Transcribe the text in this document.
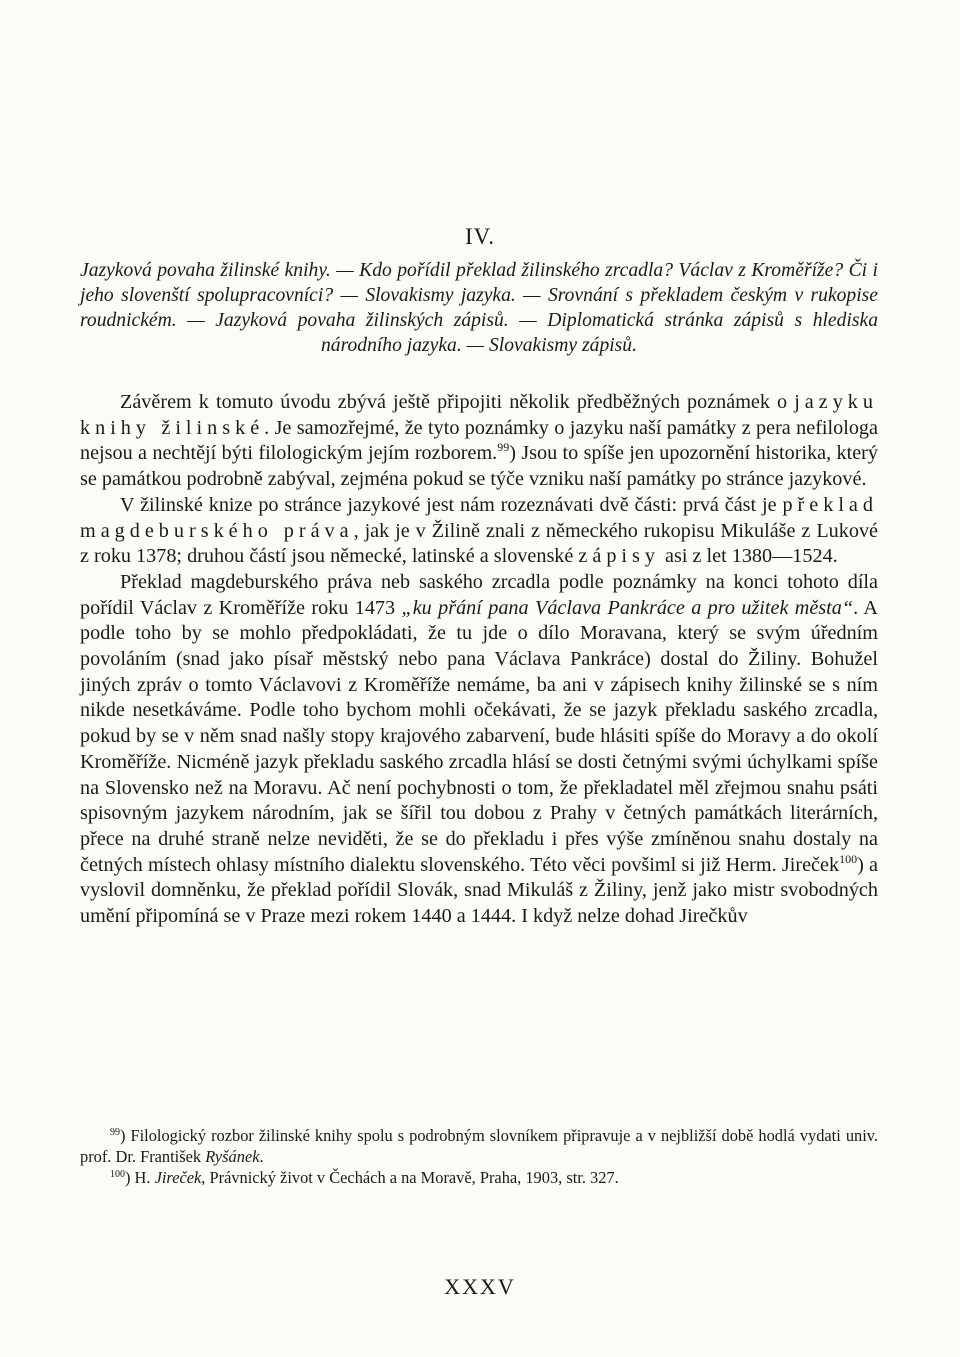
IV.
Jazyková povaha žilinské knihy. — Kdo pořídil překlad žilinského zrcadla? Václav z Kroměříže? Či i jeho slovenští spolupracovníci? — Slovakismy jazyka. — Srovnání s překladem českým v rukopise roudnickém. — Jazyková povaha žilinských zápisů. — Diplomatická stránka zápisů s hlediska národního jazyka. — Slovakismy zápisů.

Závěrem k tomuto úvodu zbývá ještě připojiti několik předběžných poznámek o jazyku knihy žilinské. Je samozřejmé, že tyto poznámky o jazyku naší památky z pera nefilologa nejsou a nechtějí býti filologickým jejím rozborem.$^{99}$) Jsou to spíše jen upozornění historika, který se památkou podrobně zabýval, zejména pokud se týče vzniku naší památky po stránce jazykové.

V žilinské knize po stránce jazykové jest nám rozeznávati dvě části: prvá část je překlad magdeburského práva, jak je v Žilině znali z německého rukopisu Mikuláše z Lukové z roku 1378; druhou částí jsou německé, latinské a slovenské zápisy asi z let 1380—1524.

Překlad magdeburského práva neb saského zrcadla podle poznámky na konci tohoto díla pořídil Václav z Kroměříže roku 1473 „ku přání pana Václava Pankráce a pro užitek města“. A podle toho by se mohlo předpokládati, že tu jde o dílo Moravana, který se svým úředním povoláním (snad jako písař městský nebo pana Václava Pankráce) dostal do Žiliny. Bohužel jiných zpráv o tomto Václavovi z Kroměříže nemáme, ba ani v zápisech knihy žilinské se s ním nikde nesetkáváme. Podle toho bychom mohli očekávati, že se jazyk překladu saského zrcadla, pokud by se v něm snad našly stopy krajového zabarvení, bude hlásiti spíše do Moravy a do okolí Kroměříže. Nicméně jazyk překladu saského zrcadla hlásí se dosti četnými svými úchylkami spíše na Slovensko než na Moravu. Ač není pochybnosti o tom, že překladatel měl zřejmou snahu psáti spisovným jazykem národním, jak se šířil tou dobou z Prahy v četných památkách literárních, přece na druhé straně nelze neviděti, že se do překladu i přes výše zmíněnou snahu dostaly na četných místech ohlasy místního dialektu slovenského. Této věci povšiml si již Herm. Jireček$^{100}$) a vyslovil domněnku, že překlad pořídil Slovák, snad Mikuláš z Žiliny, jenž jako mistr svobodných umění připomíná se v Praze mezi rokem 1440 a 1444. I když nelze dohad Jirečkův

$^{99}$) Filologický rozbor žilinské knihy spolu s podrobným slovníkem připravuje a v nejbližší době hodlá vydati univ. prof. Dr. František Ryšánek.

$^{100}$) H. Jireček, Právnický život v Čechách a na Moravě, Praha, 1903, str. 327.

XXXV
